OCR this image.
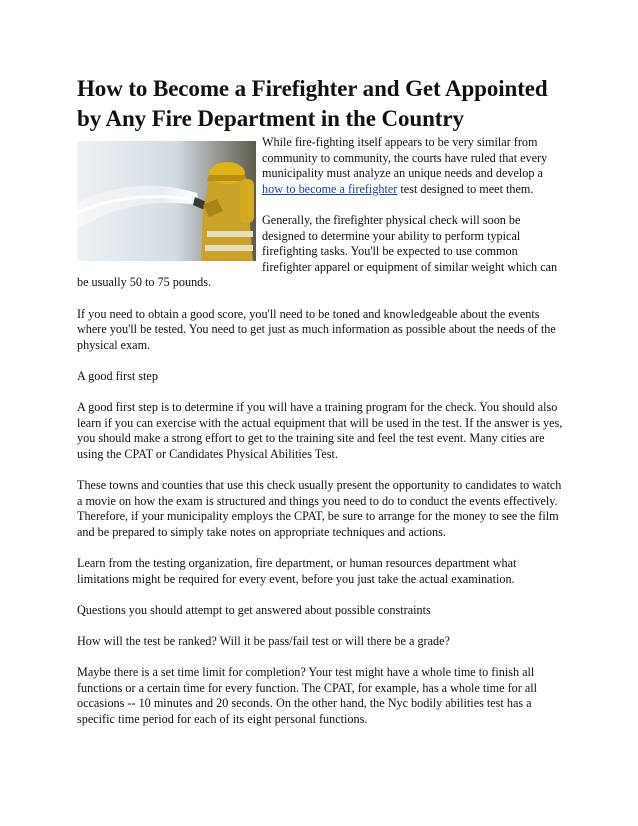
How to Become a Firefighter and Get Appointed by Any Fire Department in the Country

While fire-fighting itself appears to be very similar from community to community, the courts have ruled that every municipality must analyze an unique needs and develop a how to become a firefighter test designed to meet them.

Generally, the firefighter physical check will soon be designed to determine your ability to perform typical firefighting tasks. You'll be expected to use common firefighter apparel or equipment of similar weight which can be usually 50 to 75 pounds.

If you need to obtain a good score, you'll need to be toned and knowledgeable about the events where you'll be tested. You need to get just as much information as possible about the needs of the physical exam.

A good first step

A good first step is to determine if you will have a training program for the check. You should also learn if you can exercise with the actual equipment that will be used in the test. If the answer is yes, you should make a strong effort to get to the training site and feel the test event. Many cities are using the CPAT or Candidates Physical Abilities Test.

These towns and counties that use this check usually present the opportunity to candidates to watch a movie on how the exam is structured and things you need to do to conduct the events effectively. Therefore, if your municipality employs the CPAT, be sure to arrange for the money to see the film and be prepared to simply take notes on appropriate techniques and actions.

Learn from the testing organization, fire department, or human resources department what limitations might be required for every event, before you just take the actual examination.

Questions you should attempt to get answered about possible constraints

How will the test be ranked? Will it be pass/fail test or will there be a grade?

Maybe there is a set time limit for completion? Your test might have a whole time to finish all functions or a certain time for every function. The CPAT, for example, has a whole time for all occasions -- 10 minutes and 20 seconds. On the other hand, the Nyc bodily abilities test has a specific time period for each of its eight personal functions.
